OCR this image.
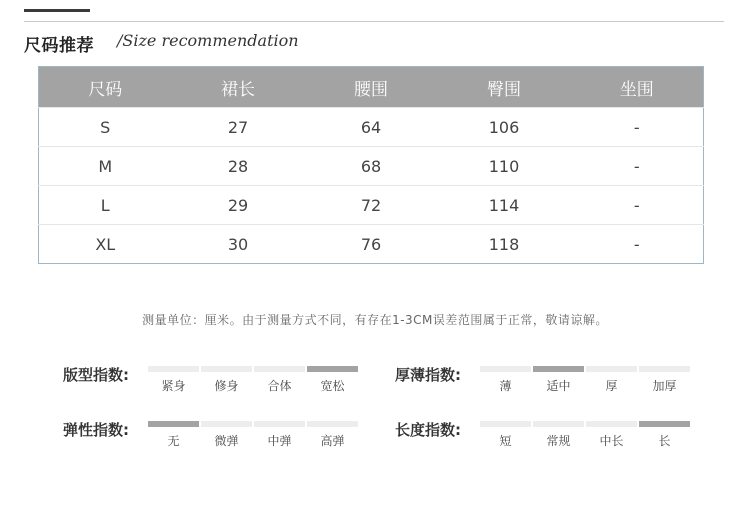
尺码推荐 /Size recommendation
尺码	裙长	腰围	臀围	坐围
S	27	64	106	-
M	28	68	110	-
L	29	72	114	-
XL	30	76	118	-
测量单位：厘米。由于测量方式不同，有存在1-3CM误差范围属于正常，敬请谅解。
版型指数:
紧身	修身	合体	宽松
厚薄指数:
薄	适中	厚	加厚
弹性指数:
无	微弹	中弹	高弹
长度指数:
短	常规	中长	长
